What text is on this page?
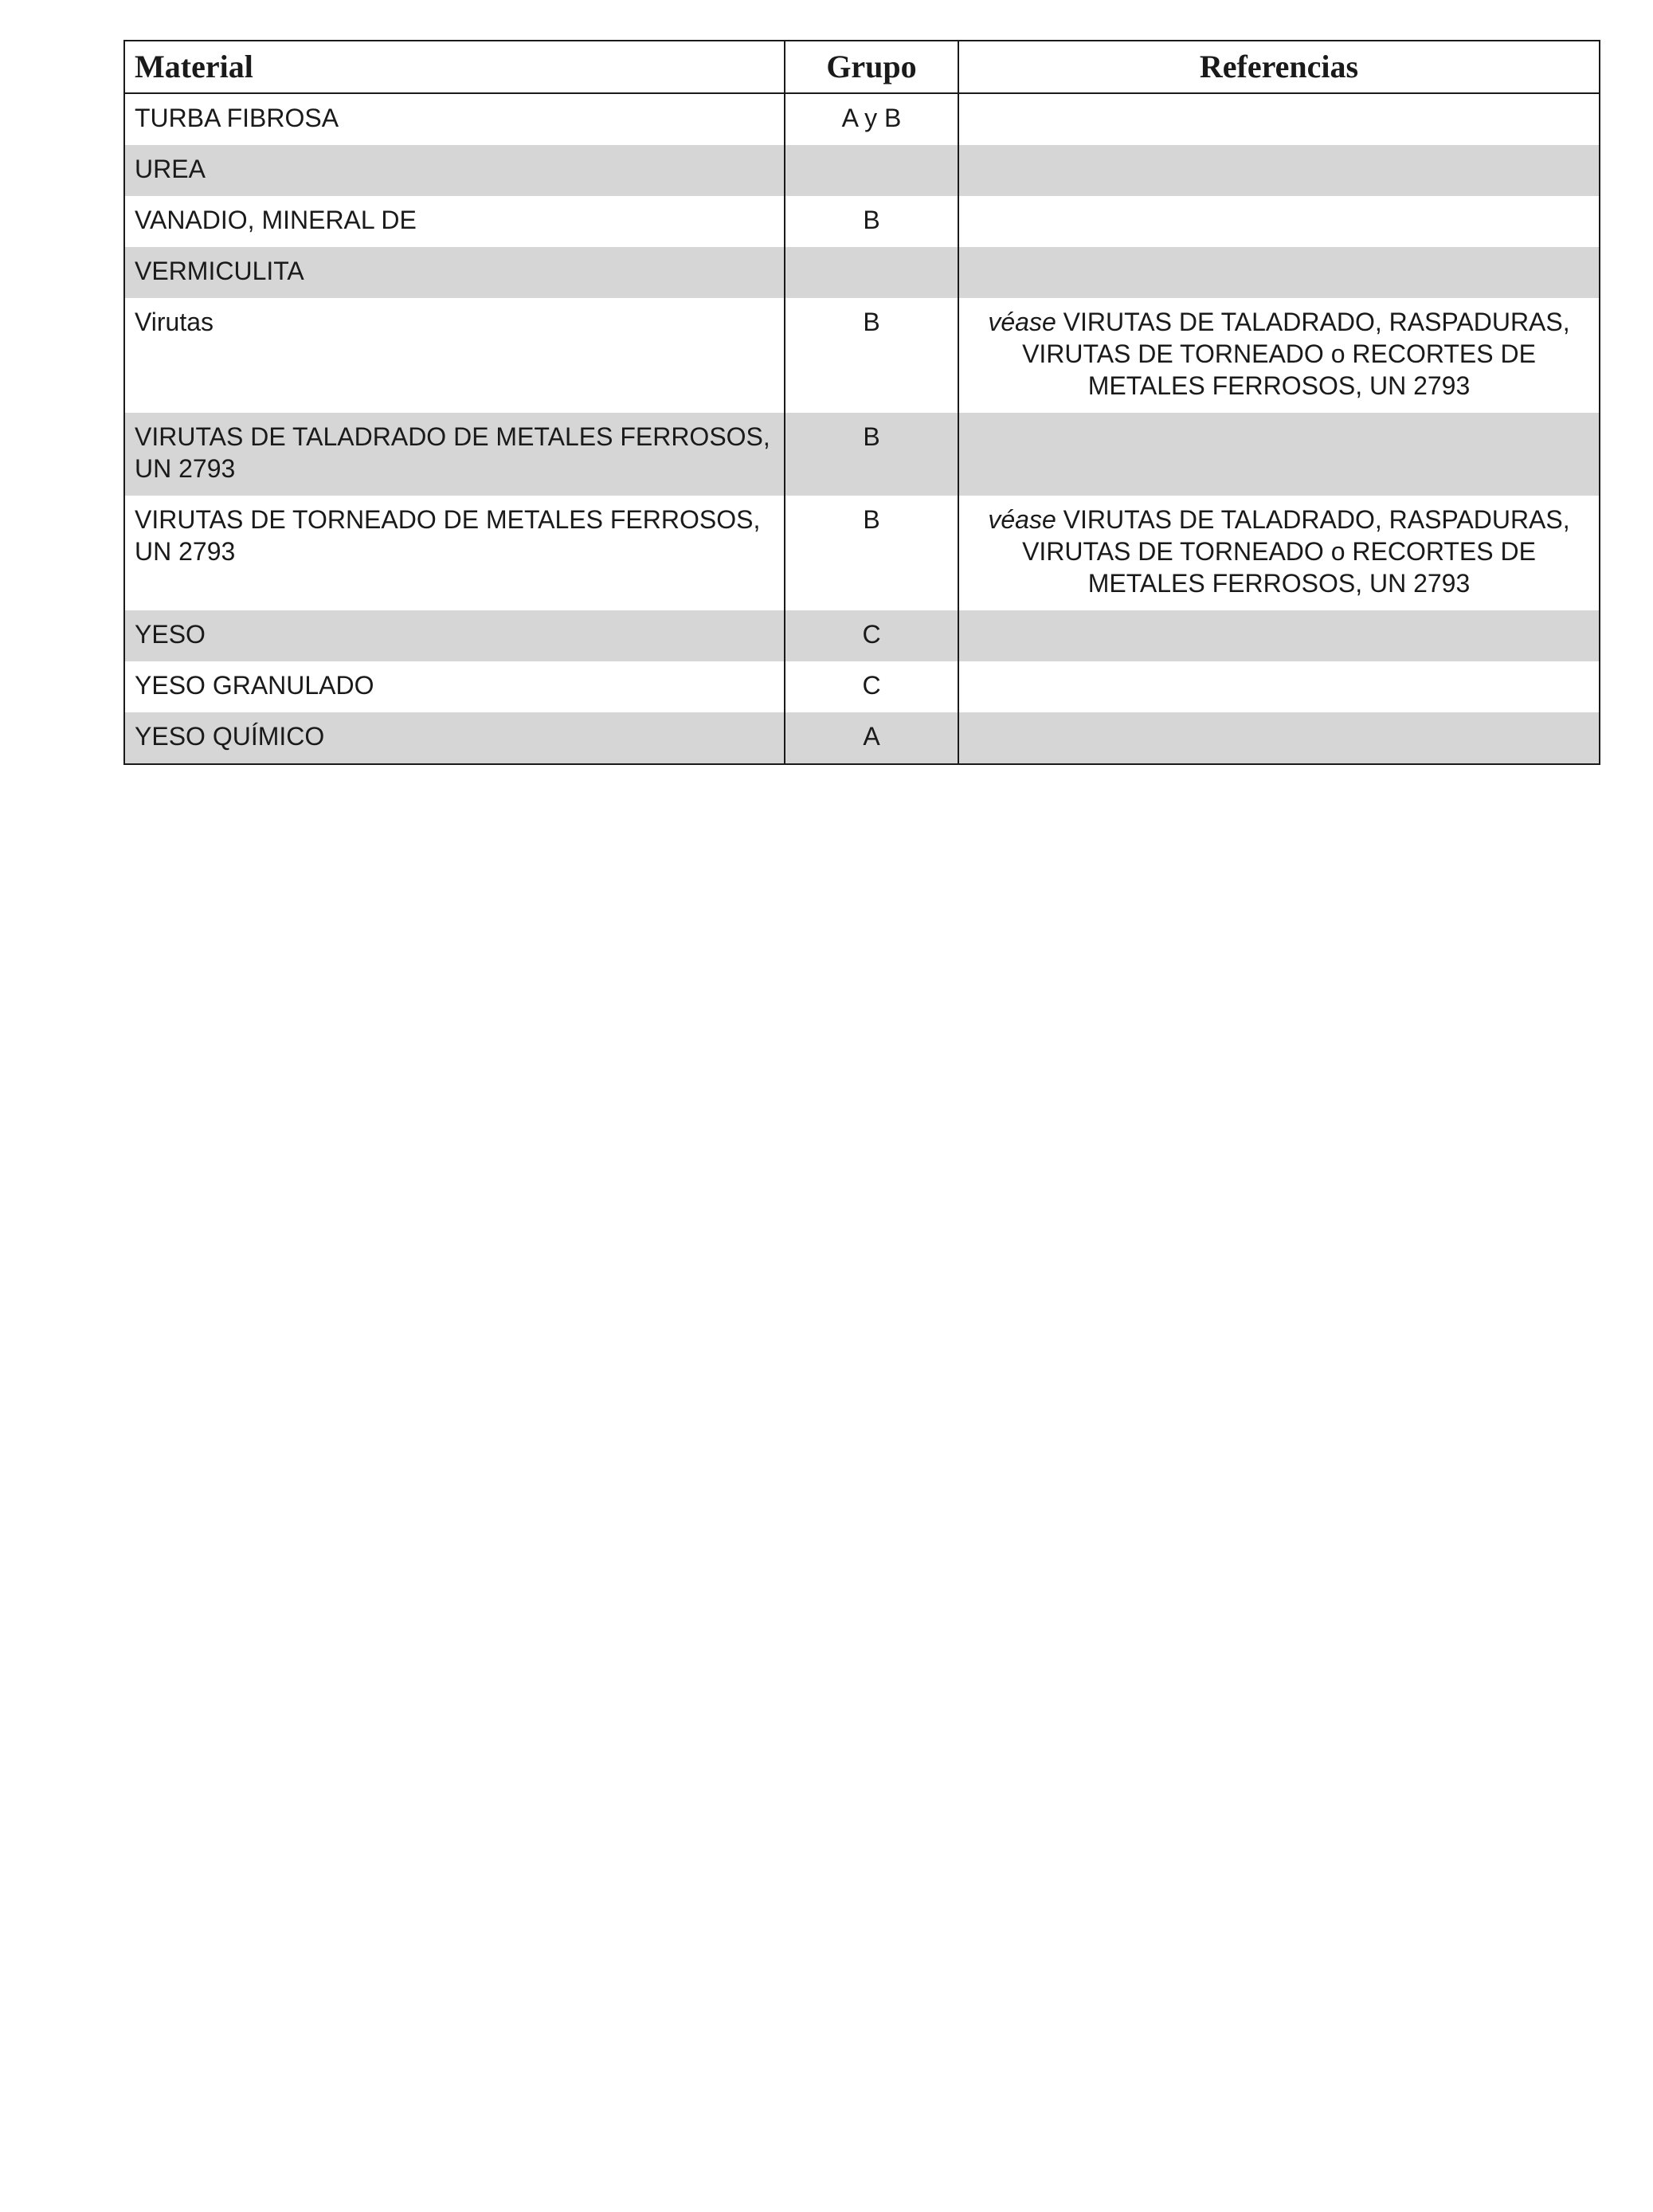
Material	Grupo	Referencias
TURBA FIBROSA	A y B	
UREA		
VANADIO, MINERAL DE	B	
VERMICULITA		
Virutas	B	véase VIRUTAS DE TALADRADO, RASPADURAS, VIRUTAS DE TORNEADO o RECORTES DE METALES FERROSOS, UN 2793
VIRUTAS DE TALADRADO DE METALES FERROSOS, UN 2793	B	
VIRUTAS DE TORNEADO DE METALES FERROSOS, UN 2793	B	véase VIRUTAS DE TALADRADO, RASPADURAS, VIRUTAS DE TORNEADO o RECORTES DE METALES FERROSOS, UN 2793
YESO	C	
YESO GRANULADO	C	
YESO QUÍMICO	A	
